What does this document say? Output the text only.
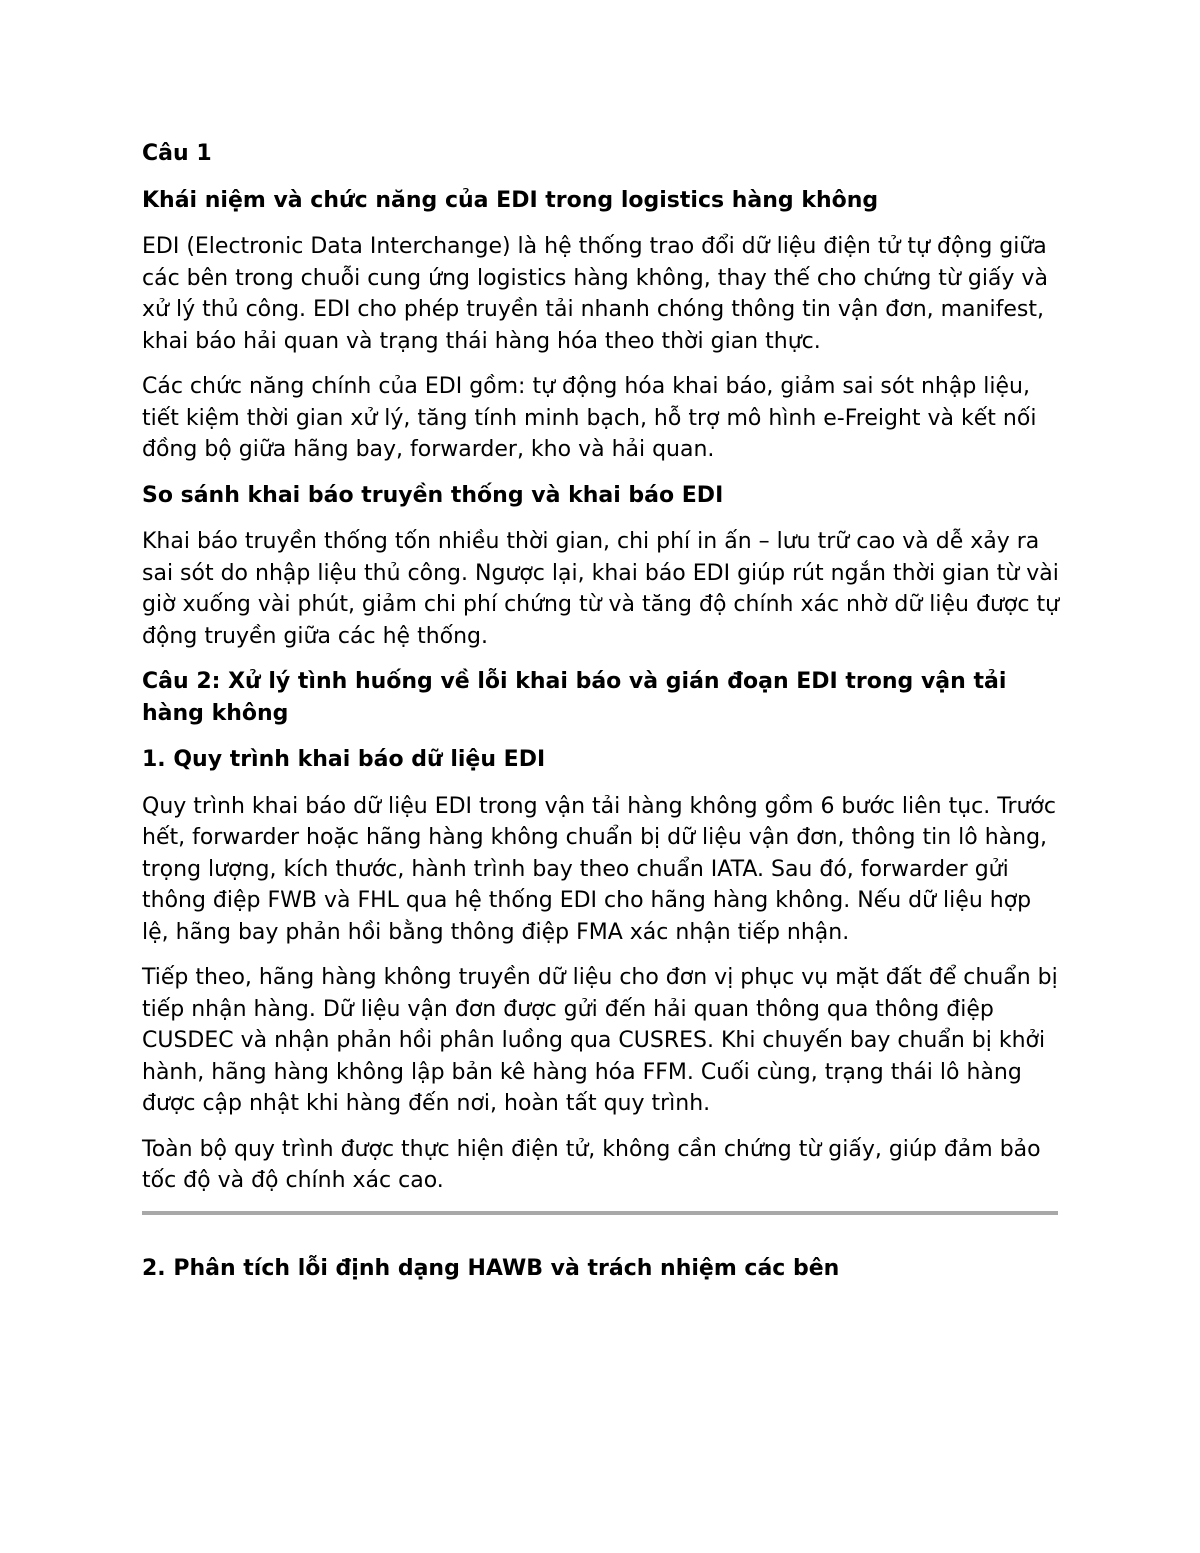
Câu 1
Khái niệm và chức năng của EDI trong logistics hàng không
EDI (Electronic Data Interchange) là hệ thống trao đổi dữ liệu điện tử tự động giữa các bên trong chuỗi cung ứng logistics hàng không, thay thế cho chứng từ giấy và xử lý thủ công. EDI cho phép truyền tải nhanh chóng thông tin vận đơn, manifest, khai báo hải quan và trạng thái hàng hóa theo thời gian thực.
Các chức năng chính của EDI gồm: tự động hóa khai báo, giảm sai sót nhập liệu, tiết kiệm thời gian xử lý, tăng tính minh bạch, hỗ trợ mô hình e-Freight và kết nối đồng bộ giữa hãng bay, forwarder, kho và hải quan.
So sánh khai báo truyền thống và khai báo EDI
Khai báo truyền thống tốn nhiều thời gian, chi phí in ấn – lưu trữ cao và dễ xảy ra sai sót do nhập liệu thủ công. Ngược lại, khai báo EDI giúp rút ngắn thời gian từ vài giờ xuống vài phút, giảm chi phí chứng từ và tăng độ chính xác nhờ dữ liệu được tự động truyền giữa các hệ thống.
Câu 2: Xử lý tình huống về lỗi khai báo và gián đoạn EDI trong vận tải hàng không
1. Quy trình khai báo dữ liệu EDI
Quy trình khai báo dữ liệu EDI trong vận tải hàng không gồm 6 bước liên tục. Trước hết, forwarder hoặc hãng hàng không chuẩn bị dữ liệu vận đơn, thông tin lô hàng, trọng lượng, kích thước, hành trình bay theo chuẩn IATA. Sau đó, forwarder gửi thông điệp FWB và FHL qua hệ thống EDI cho hãng hàng không. Nếu dữ liệu hợp lệ, hãng bay phản hồi bằng thông điệp FMA xác nhận tiếp nhận.
Tiếp theo, hãng hàng không truyền dữ liệu cho đơn vị phục vụ mặt đất để chuẩn bị tiếp nhận hàng. Dữ liệu vận đơn được gửi đến hải quan thông qua thông điệp CUSDEC và nhận phản hồi phân luồng qua CUSRES. Khi chuyến bay chuẩn bị khởi hành, hãng hàng không lập bản kê hàng hóa FFM. Cuối cùng, trạng thái lô hàng được cập nhật khi hàng đến nơi, hoàn tất quy trình.
Toàn bộ quy trình được thực hiện điện tử, không cần chứng từ giấy, giúp đảm bảo tốc độ và độ chính xác cao.
2. Phân tích lỗi định dạng HAWB và trách nhiệm các bên
